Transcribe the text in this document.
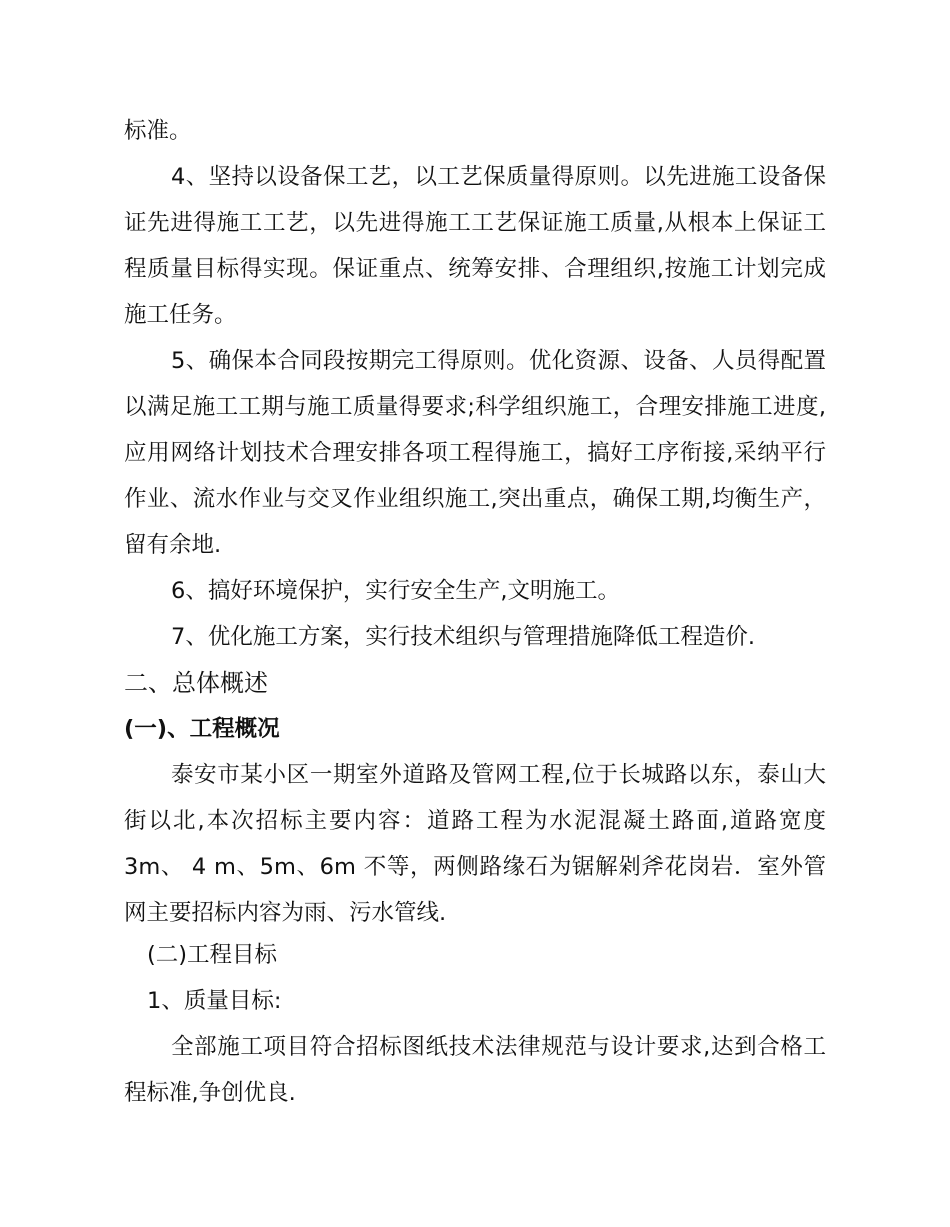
标准。

4、坚持以设备保工艺，以工艺保质量得原则。以先进施工设备保证先进得施工工艺，以先进得施工工艺保证施工质量,从根本上保证工程质量目标得实现。保证重点、统筹安排、合理组织,按施工计划完成施工任务。

5、确保本合同段按期完工得原则。优化资源、设备、人员得配置以满足施工工期与施工质量得要求;科学组织施工，合理安排施工进度,应用网络计划技术合理安排各项工程得施工，搞好工序衔接,采纳平行作业、流水作业与交叉作业组织施工,突出重点，确保工期,均衡生产，留有余地.

6、搞好环境保护，实行安全生产,文明施工。

7、优化施工方案，实行技术组织与管理措施降低工程造价.

二、总体概述

(一)、工程概况

泰安市某小区一期室外道路及管网工程,位于长城路以东，泰山大街以北,本次招标主要内容：道路工程为水泥混凝土路面,道路宽度3m、 4 m、5m、6m 不等，两侧路缘石为锯解剁斧花岗岩．室外管网主要招标内容为雨、污水管线.

(二)工程目标

1、质量目标:

全部施工项目符合招标图纸技术法律规范与设计要求,达到合格工程标准,争创优良.
